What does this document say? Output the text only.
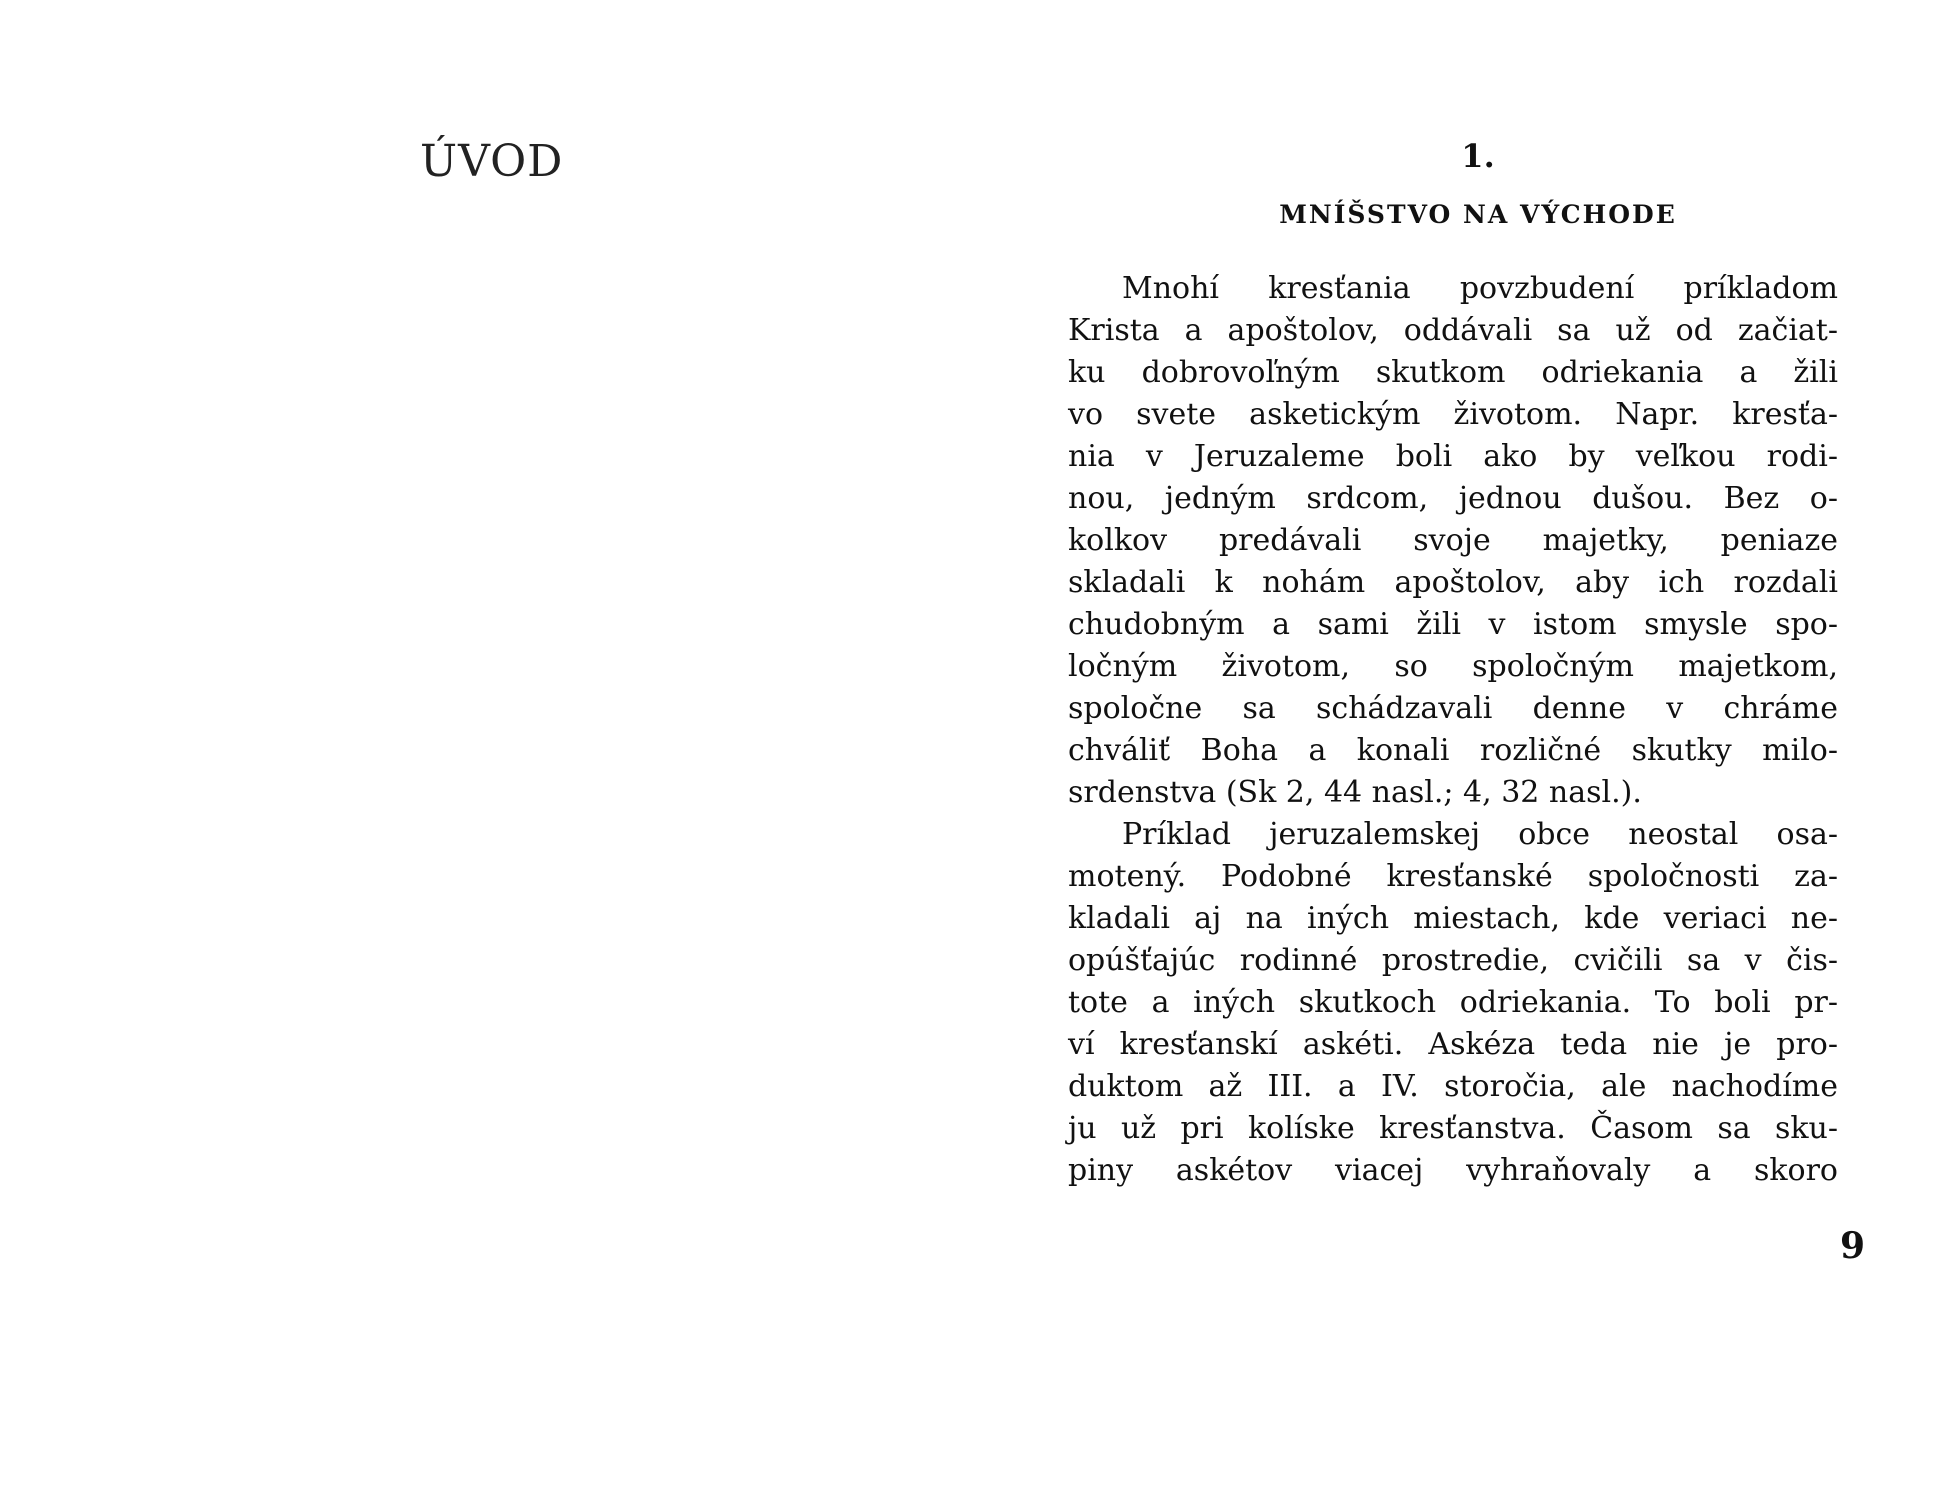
ÚVOD	1.
MNÍŠSTVO NA VÝCHODE

Mnohí kresťania povzbudení príkladom
Krista a apoštolov, oddávali sa už od začiat-
ku dobrovoľným skutkom odriekania a žili
vo svete asketickým životom. Napr. kresťa-
nia v Jeruzaleme boli ako by veľkou rodi-
nou, jedným srdcom, jednou dušou. Bez o-
kolkov predávali svoje majetky, peniaze
skladali k nohám apoštolov, aby ich rozdali
chudobným a sami žili v istom smysle spo-
ločným životom, so spoločným majetkom,
spoločne sa schádzavali denne v chráme
chváliť Boha a konali rozličné skutky milo-
srdenstva (Sk 2, 44 nasl.; 4, 32 nasl.).

Príklad jeruzalemskej obce neostal osa-
motený. Podobné kresťanské spoločnosti za-
kladali aj na iných miestach, kde veriaci ne-
opúšťajúc rodinné prostredie, cvičili sa v čis-
tote a iných skutkoch odriekania. To boli pr-
ví kresťanskí askéti. Askéza teda nie je pro-
duktom až III. a IV. storočia, ale nachodíme
ju už pri kolíske kresťanstva. Časom sa sku-
piny askétov viacej vyhraňovaly a skoro

9
